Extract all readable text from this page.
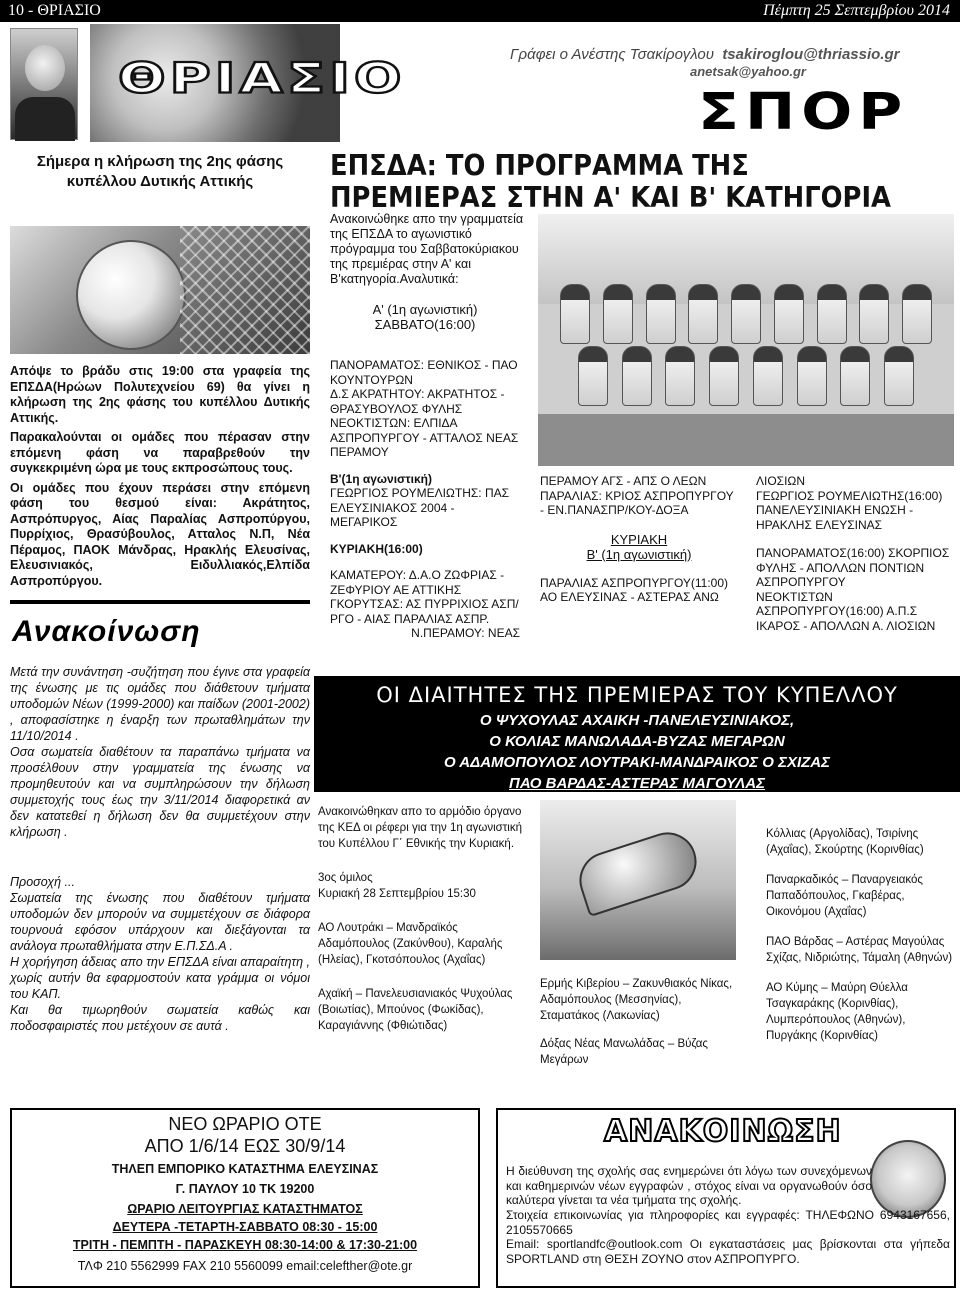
10 - ΘΡΙΑΣΙΟ	Πέμπτη 25 Σεπτεμβρίου 2014
ΘΡΙΑΣΙΟ	Γράφει ο Ανέστης Τσακίρογλου tsakiroglou@thriassio.gr
anetsak@yahoo.gr
ΣΠΟΡ
Σήμερα η κλήρωση της 2ης φάσης κυπέλλου Δυτικής Αττικής	ΕΠΣΔΑ: ΤΟ ΠΡΟΓΡΑΜΜΑ ΤΗΣ ΠΡΕΜΙΕΡΑΣ ΣΤΗΝ Α' ΚΑΙ Β' ΚΑΤΗΓΟΡΙΑ
Ανακοινώθηκε απο την γραμματεία της ΕΠΣΔΑ το αγωνιστικό πρόγραμμα του Σαββατοκύριακου της πρεμιέρας στην Α' και Β'κατηγορία.Αναλυτικά:
Α' (1η αγωνιστική)
ΣΑΒΒΑΤΟ(16:00)

Απόψε το βράδυ στις 19:00 στα γραφεία της ΕΠΣΔΑ(Ηρώων Πολυτεχνείου 69) θα γίνει η κλήρωση της 2ης φάσης του κυπέλλου Δυτικής Αττικής.

Παρακαλούνται οι ομάδες που πέρασαν στην επόμενη φάση να παραβρεθούν την συγκεκριμένη ώρα με τους εκπροσώπους τους.

Οι ομάδες που έχουν περάσει στην επόμενη φάση του θεσμού είναι: Ακράτητος, Ασπρόπυργος, Αίας Παραλίας Ασπροπύργου, Πυρρίχιος, Θρασύβουλος, Ατταλος Ν.Π, Νέα Πέραμος, ΠΑΟΚ Μάνδρας, Ηρακλής Ελευσίνας, Ελευσινιακός, Ειδυλλιακός,Ελπίδα Ασπροπύργου.

ΠΑΝΟΡΑΜΑΤΟΣ: ΕΘΝΙΚΟΣ - ΠΑΟ ΚΟΥΝΤΟΥΡΩΝ
Δ.Σ ΑΚΡΑΤΗΤΟΥ: ΑΚΡΑΤΗΤΟΣ - ΘΡΑΣΥΒΟΥΛΟΣ ΦΥΛΗΣ
ΝΕΟΚΤΙΣΤΩΝ: ΕΛΠΙΔΑ ΑΣΠΡΟΠΥΡΓΟΥ - ΑΤΤΑΛΟΣ ΝΕΑΣ ΠΕΡΑΜΟΥ
Β'(1η αγωνιστική)
ΓΕΩΡΓΙΟΣ ΡΟΥΜΕΛΙΩΤΗΣ: ΠΑΣ ΕΛΕΥΣΙΝΙΑΚΟΣ 2004 - ΜΕΓΑΡΙΚΟΣ
ΚΥΡΙΑΚΗ(16:00)
ΚΑΜΑΤΕΡΟΥ: Δ.Α.Ο ΖΩΦΡΙΑΣ - ΖΕΦΥΡΙΟΥ ΑΕ ΑΤΤΙΚΗΣ
ΓΚΟΡΥΤΣΑΣ: ΑΣ ΠΥΡΡΙΧΙΟΣ ΑΣΠ/ΡΓΟ - ΑΙΑΣ ΠΑΡΑΛΙΑΣ ΑΣΠΡ.
Ν.ΠΕΡΑΜΟΥ: ΝΕΑΣ
ΠΕΡΑΜΟΥ ΑΓΣ - ΑΠΣ Ο ΛΕΩΝ
ΠΑΡΑΛΙΑΣ: ΚΡΙΟΣ ΑΣΠΡΟΠΥΡΓΟΥ - ΕΝ.ΠΑΝΑΣΠΡ/ΚΟΥ-ΔΟΞΑ
ΚΥΡΙΑΚΗ
Β' (1η αγωνιστική)
ΠΑΡΑΛΙΑΣ ΑΣΠΡΟΠΥΡΓΟΥ(11:00)
ΑΟ ΕΛΕΥΣΙΝΑΣ - ΑΣΤΕΡΑΣ ΑΝΩ
ΛΙΟΣΙΩΝ
ΓΕΩΡΓΙΟΣ ΡΟΥΜΕΛΙΩΤΗΣ(16:00) ΠΑΝΕΛΕΥΣΙΝΙΑΚΗ ΕΝΩΣΗ - ΗΡΑΚΛΗΣ ΕΛΕΥΣΙΝΑΣ
ΠΑΝΟΡΑΜΑΤΟΣ(16:00) ΣΚΟΡΠΙΟΣ ΦΥΛΗΣ - ΑΠΟΛΛΩΝ ΠΟΝΤΙΩΝ ΑΣΠΡΟΠΥΡΓΟΥ
ΝΕΟΚΤΙΣΤΩΝ ΑΣΠΡΟΠΥΡΓΟΥ(16:00) Α.Π.Σ ΙΚΑΡΟΣ - ΑΠΟΛΛΩΝ Α. ΛΙΟΣΙΩΝ
Ανακοίνωση

Μετά την συνάντηση -συζήτηση που έγινε στα γραφεία της ένωσης με τις ομάδες που διάθετουν τμήματα υποδομών Νέων (1999-2000) και παίδων (2001-2002) , αποφασίστηκε η έναρξη των πρωταθλημάτων την 11/10/2014 .

Οσα σωματεία διαθέτουν τα παραπάνω τμήματα να προσέλθουν στην γραμματεία της ένωσης να προμηθευτούν και να συμπληρώσουν την δήλωση συμμετοχής τους έως την 3/11/2014 διαφορετικά αν δεν κατατεθεί η δήλωση δεν θα συμμετέχουν στην κλήρωση .

Προσοχή ...

Σωματεία της ένωσης που διαθέτουν τμήματα υποδομών δεν μπορούν να συμμετέχουν σε διάφορα τουρνουά εφόσον υπάρχουν και διεξάγονται τα ανάλογα πρωταθλήματα στην Ε.Π.ΣΔ.Α .

Η χορήγηση άδειας απο την ΕΠΣΔΑ είναι απαραίτητη , χωρίς αυτήν θα εφαρμοστούν κατα γράμμα οι νόμοι του ΚΑΠ.

Και θα τιμωρηθούν σωματεία καθώς και ποδοσφαιριστές που μετέχουν σε αυτά .

ΟΙ ΔΙΑΙΤΗΤΕΣ ΤΗΣ ΠΡΕΜΙΕΡΑΣ ΤΟΥ ΚΥΠΕΛΛΟΥ
Ο ΨΥΧΟΥΛΑΣ ΑΧΑΙΚΗ -ΠΑΝΕΛΕΥΣΙΝΙΑΚΟΣ,
Ο ΚΟΛΙΑΣ ΜΑΝΩΛΑΔΑ-ΒΥΖΑΣ ΜΕΓΑΡΩΝ
Ο ΑΔΑΜΟΠΟΥΛΟΣ ΛΟΥΤΡΑΚΙ-ΜΑΝΔΡΑΙΚΟΣ Ο ΣΧΙΖΑΣ
ΠΑΟ ΒΑΡΔΑΣ-ΑΣΤΕΡΑΣ ΜΑΓΟΥΛΑΣ

Ανακοινώθηκαν απο το αρμόδιο όργανο της ΚΕΔ οι ρέφερι για την 1η αγωνιστική του Κυπέλλου Γ΄ Εθνικής την Κυριακή.

3ος όμιλος

Κυριακή 28 Σεπτεμβρίου 15:30

ΑΟ Λουτράκι – Μανδραϊκός Αδαμόπουλος (Ζακύνθου), Καραλής (Ηλείας), Γκοτσόπουλος (Αχαΐας)

Αχαϊκή – Πανελευσιανιακός Ψυχούλας (Βοιωτίας), Μπούνος (Φωκίδας), Καραγιάννης (Φθιώτιδας)

Ερμής Κιβερίου – Ζακυνθιακός Νίκας, Αδαμόπουλος (Μεσσηνίας), Σταματάκος (Λακωνίας)

Δόξας Νέας Μανωλάδας – Βύζας Μεγάρων

Κόλλιας (Αργολίδας), Τσιρίνης (Αχαΐας), Σκούρτης (Κορινθίας)

Παναρκαδικός – Παναργειακός Παπαδόπουλος, Γκαβέρας, Οικονόμου (Αχαΐας)

ΠΑΟ Βάρδας – Αστέρας Μαγούλας Σχίζας, Νιδριώτης, Τάμαλη (Αθηνών)

ΑΟ Κύμης – Μαύρη Θύελλα Τσαγκαράκης (Κορινθίας), Λυμπερόπουλος (Αθηνών), Πυργάκης (Κορινθίας)

ΝΕΟ ΩΡΑΡΙΟ ΟΤΕ
ΑΠΟ 1/6/14 ΕΩΣ 30/9/14
ΤΗΛΕΠ ΕΜΠΟΡΙΚΟ ΚΑΤΑΣΤΗΜΑ ΕΛΕΥΣΙΝΑΣ
Γ. ΠΑΥΛΟΥ 10 ΤΚ 19200
ΩΡΑΡΙΟ ΛΕΙΤΟΥΡΓΙΑΣ ΚΑΤΑΣΤΗΜΑΤΟΣ
ΔΕΥΤΕΡΑ -ΤΕΤΑΡΤΗ-ΣΑΒΒΑΤΟ 08:30 - 15:00
ΤΡΙΤΗ - ΠΕΜΠΤΗ - ΠΑΡΑΣΚΕΥΗ 08:30-14:00 & 17:30-21:00
ΤΛΦ 210 5562999 FAX 210 5560099 email:celefther@ote.gr
ΑΝΑΚΟΙΝΩΣΗ
Η διεύθυνση της σχολής σας ενημερώνει ότι λόγω των συνεχόμενων και καθημερινών νέων εγγραφών , στόχος είναι να οργανωθούν όσο καλύτερα γίνεται τα νέα τμήματα της σχολής.
Στοιχεία επικοινωνίας για πληροφορίες και εγγραφές: ΤΗΛΕΦΩΝΟ 6943167656, 2105570665
Email: sportlandfc@outlook.com Οι εγκαταστάσεις μας βρίσκονται στα γήπεδα SPORTLAND στη ΘΕΣΗ ΖΟΥΝΟ στον ΑΣΠΡΟΠΥΡΓΟ.
